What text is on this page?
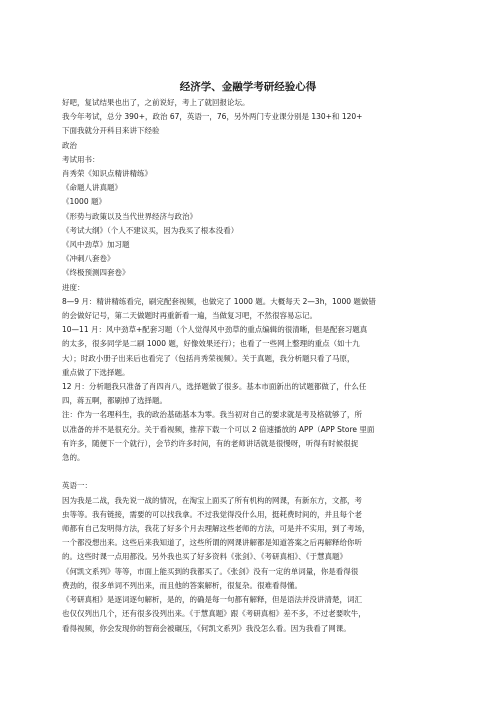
经济学、金融学考研经验心得

好吧，复试结果也出了，之前说好，考上了就回报论坛。

我今年考试，总分 390+，政治 67，英语一，76，另外两门专业课分别是 130+和 120+

下面我就分开科目来讲下经验

政治

考试用书：

肖秀荣《知识点精讲精练》

《命题人讲真题》

《1000 题》

《形势与政策以及当代世界经济与政治》

《考试大纲》（个人不建议买，因为我买了根本没看）

《风中劲草》加习题

《冲刺八套卷》

《终极预测四套卷》

进度：

8—9 月：精讲精练看完，刷完配套视频，也做完了 1000 题。大概每天 2—3h，1000 题做错

的会做好记号，第二天做题时再重新看一遍，当做复习吧，不然很容易忘记。

10—11 月：风中劲草+配套习题（个人觉得风中劲草的重点编辑的很清晰，但是配套习题真

的太多，很多同学是二刷 1000 题，好像效果还行）；也看了一些网上整理的重点（如十九

大）；时政小册子出来后也看完了（包括肖秀荣视频）。关于真题，我分析题只看了马原，

重点做了下选择题。

12 月：分析题我只准备了肖四肖八，选择题做了很多。基本市面新出的试题都做了，什么任

四，蒋五啊，都刷掉了选择题。

注：作为一名理科生，我的政治基础基本为零。我当初对自己的要求就是考及格就够了，所

以准备的并不是很充分。关于看视频，推荐下载一个可以 2 倍速播放的 APP（APP Store 里面

有许多，随便下一个就行），会节约许多时间，有的老师讲话就是很慢呀，听得有时候很捉

急的。

英语一：

因为我是二战，我先说一战的情况，在淘宝上面买了所有机构的网课，有新东方，文都，考

虫等等。我有链接，需要的可以找我拿。不过我觉得没什么用，挺耗费时间的，并且每个老

师都有自己发明得方法，我花了好多个月去理解这些老师的方法，可是并不实用，到了考场，

一个都没想出来。这些后来我知道了，这些所谓的网课讲解都是知道答案之后再解释给你听

的。这些时课一点用都没。另外我也买了好多资料《张剑》、《考研真相》、《于慧真题》

《何凯文系列》等等，市面上能买到的我都买了。《张剑》没有一定的单词量，你是看得很

费劲的，很多单词不列出来，而且他的答案解析，很复杂。很难看得懂。

《考研真相》是逐词逐句解析，是的，的确是每一句都有解释，但是语法并没讲清楚，词汇

也仅仅列出几个，还有很多没列出来。《于慧真题》跟《考研真相》差不多，不过老要吹牛，

看得视频，你会发现你的智商会被碾压，《何凯文系列》我没怎么看。因为我看了网课。
